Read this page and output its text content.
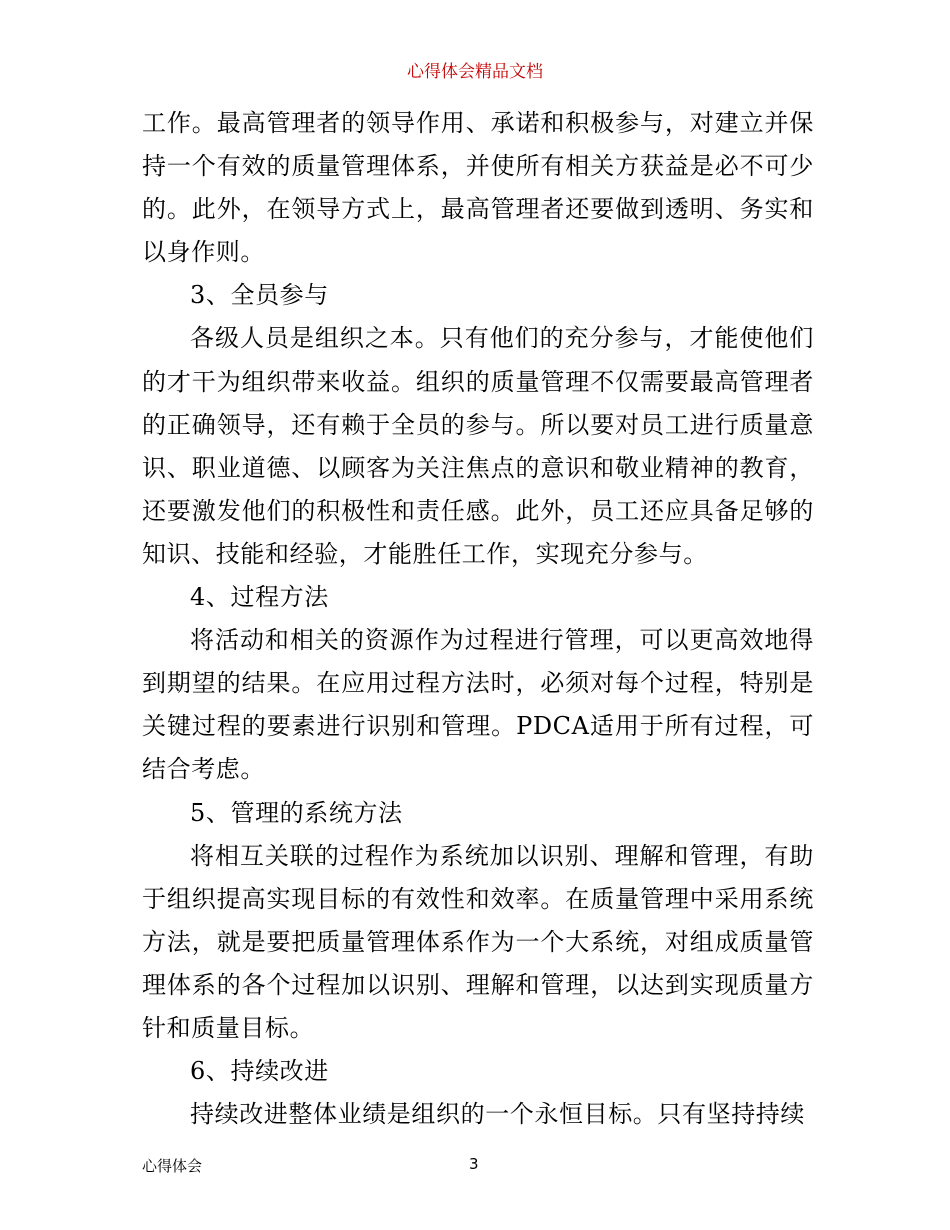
心得体会精品文档

工作。最高管理者的领导作用、承诺和积极参与，对建立并保持一个有效的质量管理体系，并使所有相关方获益是必不可少的。此外，在领导方式上，最高管理者还要做到透明、务实和以身作则。

3、全员参与

各级人员是组织之本。只有他们的充分参与，才能使他们的才干为组织带来收益。组织的质量管理不仅需要最高管理者的正确领导，还有赖于全员的参与。所以要对员工进行质量意识、职业道德、以顾客为关注焦点的意识和敬业精神的教育，还要激发他们的积极性和责任感。此外，员工还应具备足够的知识、技能和经验，才能胜任工作，实现充分参与。

4、过程方法

将活动和相关的资源作为过程进行管理，可以更高效地得到期望的结果。在应用过程方法时，必须对每个过程，特别是关键过程的要素进行识别和管理。PDCA适用于所有过程，可结合考虑。

5、管理的系统方法

将相互关联的过程作为系统加以识别、理解和管理，有助于组织提高实现目标的有效性和效率。在质量管理中采用系统方法，就是要把质量管理体系作为一个大系统，对组成质量管理体系的各个过程加以识别、理解和管理，以达到实现质量方针和质量目标。

6、持续改进

持续改进整体业绩是组织的一个永恒目标。只有坚持持续

心得体会	3
